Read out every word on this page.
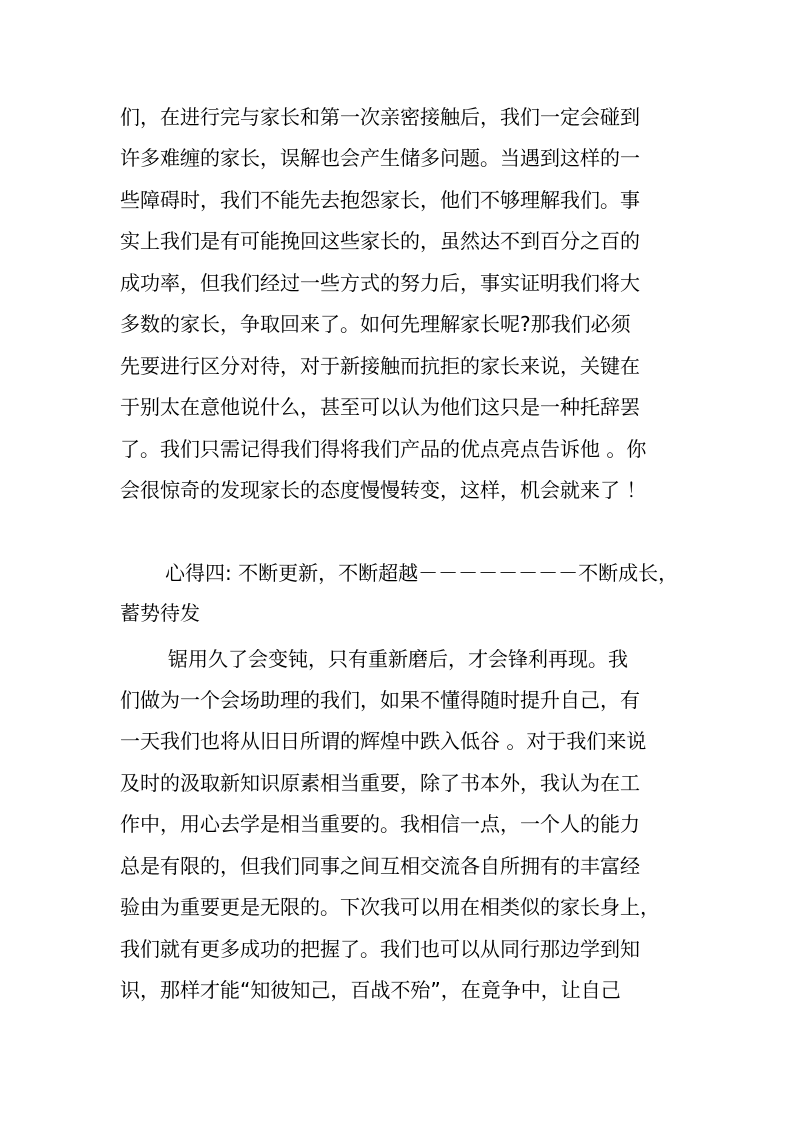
们，在进行完与家长和第一次亲密接触后，我们一定会碰到
许多难缠的家长，误解也会产生储多问题。当遇到这样的一
些障碍时，我们不能先去抱怨家长，他们不够理解我们。事
实上我们是有可能挽回这些家长的，虽然达不到百分之百的
成功率，但我们经过一些方式的努力后，事实证明我们将大
多数的家长，争取回来了。如何先理解家长呢?那我们必须
先要进行区分对待，对于新接触而抗拒的家长来说，关键在
于别太在意他说什么，甚至可以认为他们这只是一种托辞罢
了。我们只需记得我们得将我们产品的优点亮点告诉他 。你
会很惊奇的发现家长的态度慢慢转变，这样，机会就来了 ！
心得四: 不断更新，不断超越－－－－－－－－不断成长，
蓄势待发
锯用久了会变钝，只有重新磨后，才会锋利再现。我
们做为一个会场助理的我们，如果不懂得随时提升自己，有
一天我们也将从旧日所谓的辉煌中跌入低谷 。对于我们来说
及时的汲取新知识原素相当重要，除了书本外，我认为在工
作中，用心去学是相当重要的。我相信一点，一个人的能力
总是有限的，但我们同事之间互相交流各自所拥有的丰富经
验由为重要更是无限的。下次我可以用在相类似的家长身上，
我们就有更多成功的把握了。我们也可以从同行那边学到知
识，那样才能“知彼知己，百战不殆”，在竟争中，让自己
